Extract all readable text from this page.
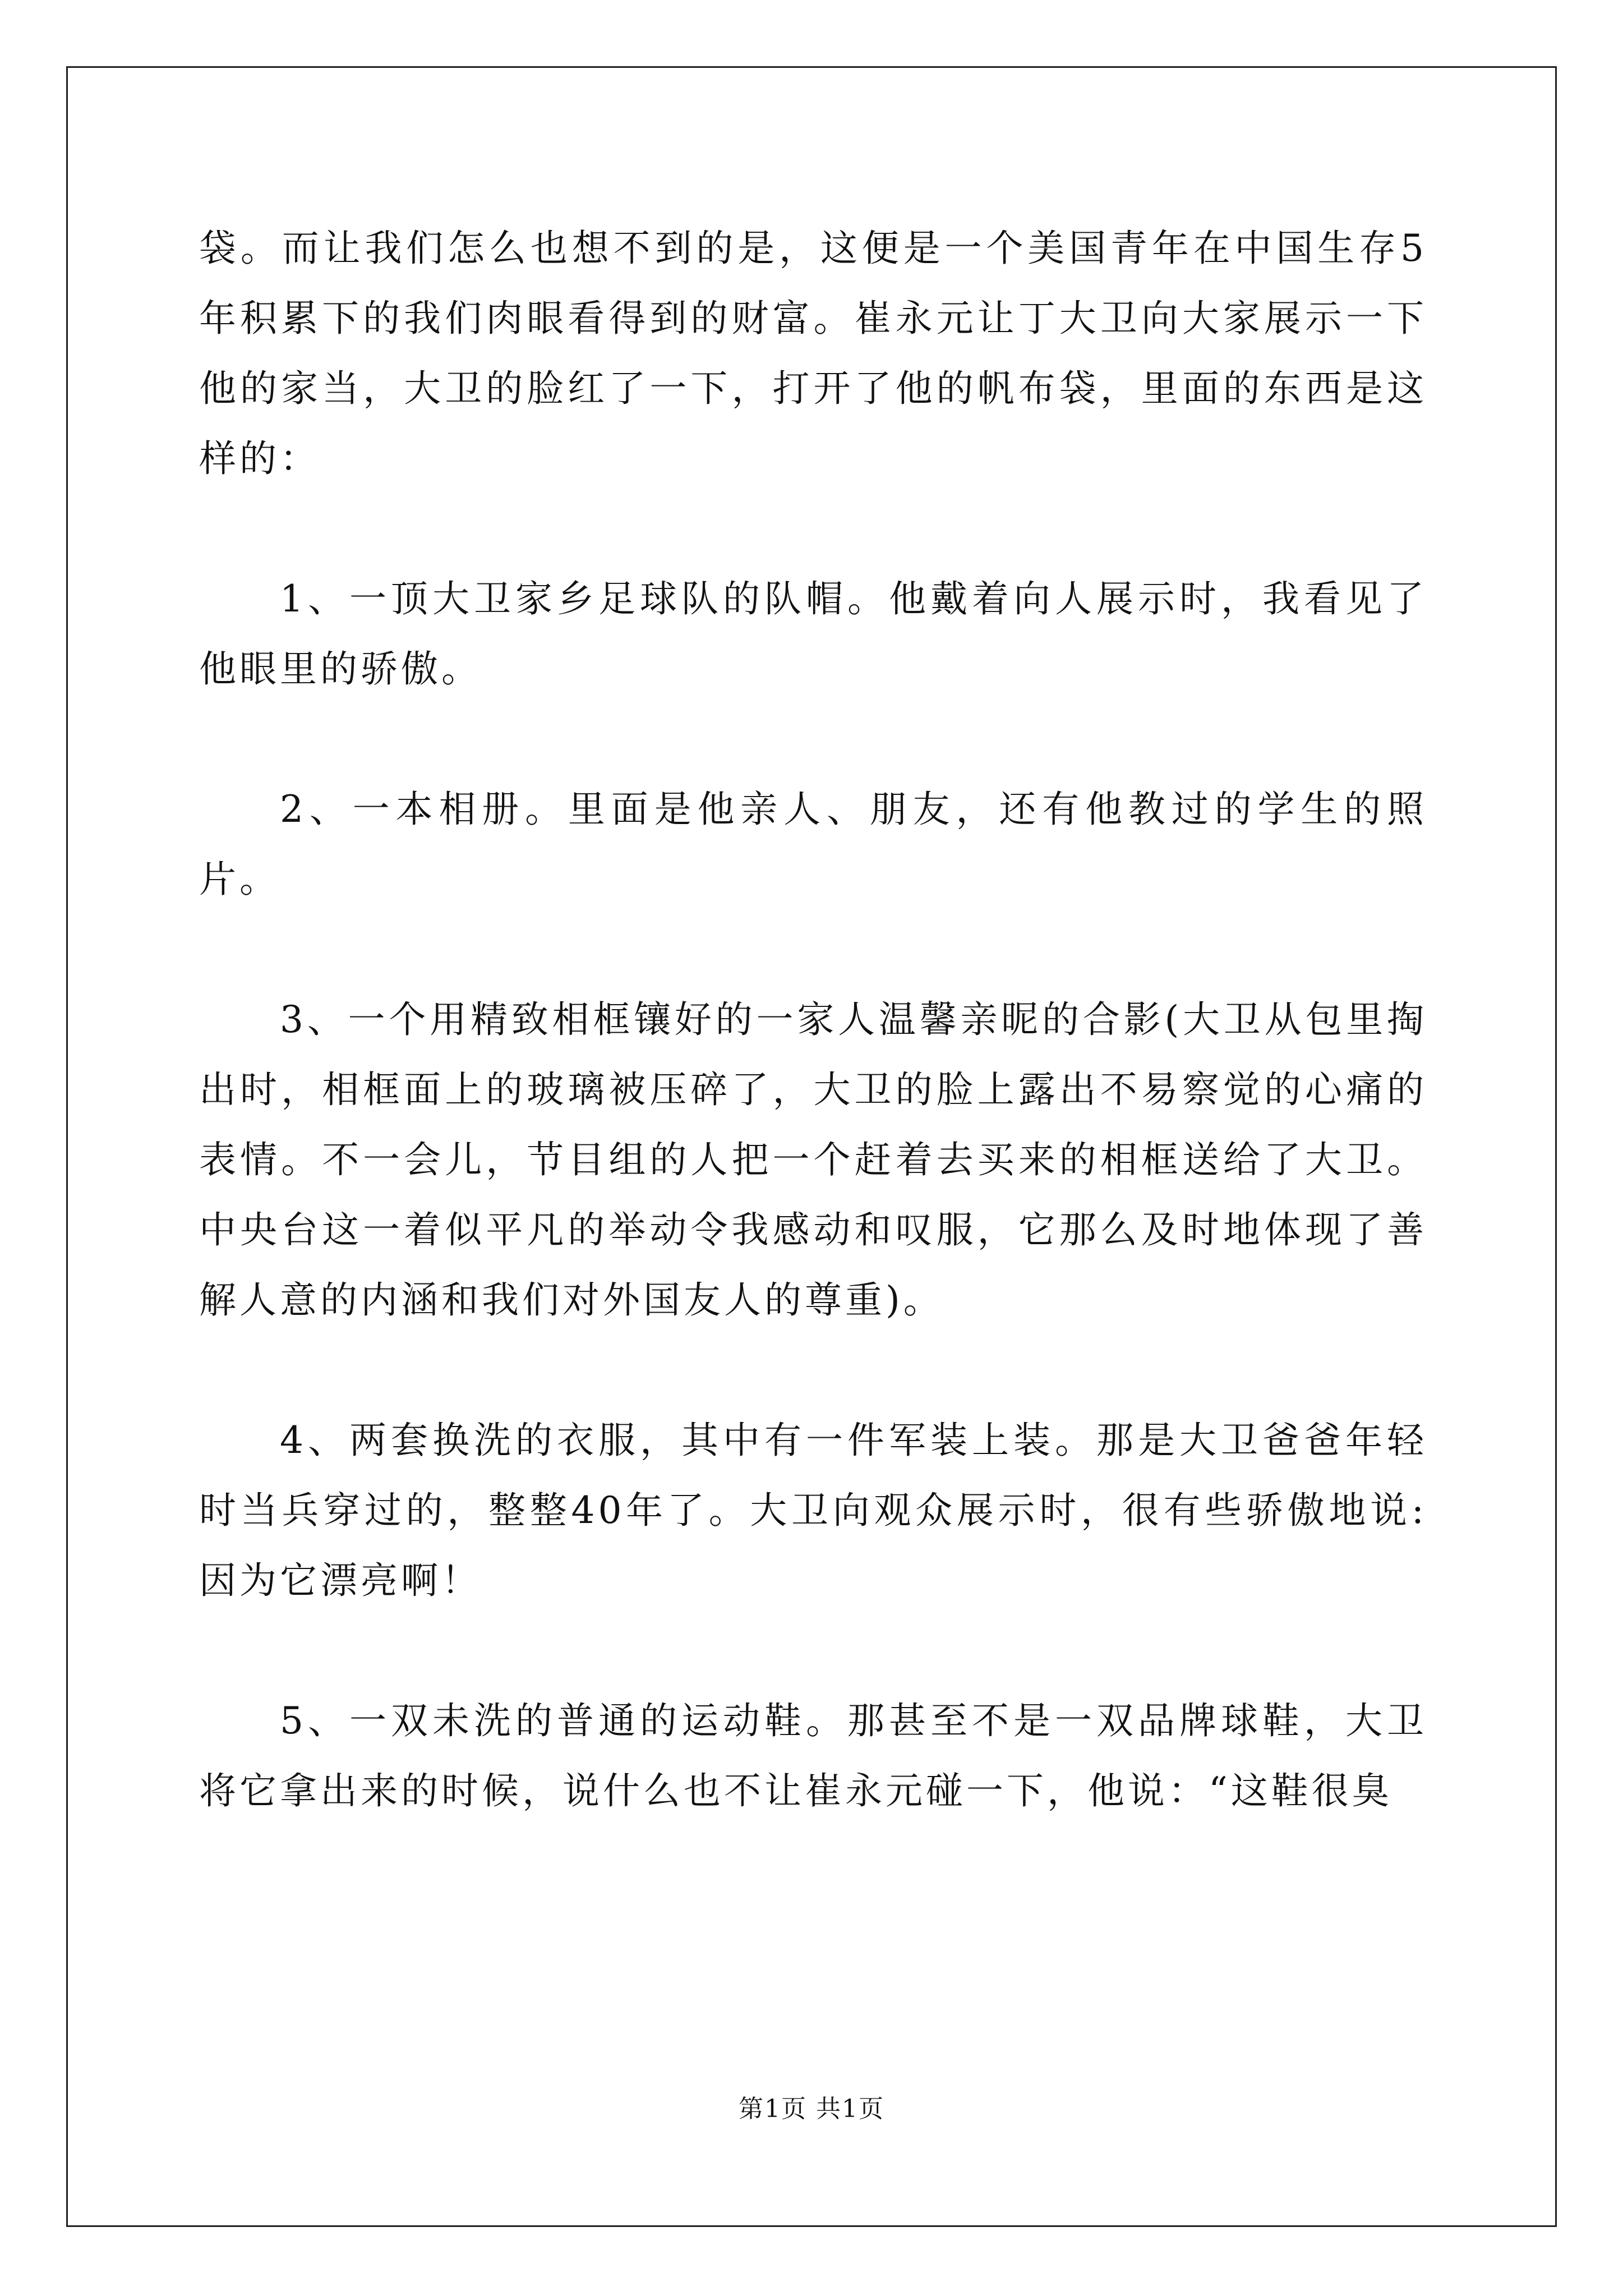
袋。而让我们怎么也想不到的是，这便是一个美国青年在中国生存5年积累下的我们肉眼看得到的财富。崔永元让丁大卫向大家展示一下他的家当，大卫的脸红了一下，打开了他的帆布袋，里面的东西是这样的：

1、一顶大卫家乡足球队的队帽。他戴着向人展示时，我看见了他眼里的骄傲。

2、一本相册。里面是他亲人、朋友，还有他教过的学生的照片。

3、一个用精致相框镶好的一家人温馨亲昵的合影(大卫从包里掏出时，相框面上的玻璃被压碎了，大卫的脸上露出不易察觉的心痛的表情。不一会儿，节目组的人把一个赶着去买来的相框送给了大卫。中央台这一着似平凡的举动令我感动和叹服，它那么及时地体现了善解人意的内涵和我们对外国友人的尊重)。

4、两套换洗的衣服，其中有一件军装上装。那是大卫爸爸年轻时当兵穿过的，整整40年了。大卫向观众展示时，很有些骄傲地说:因为它漂亮啊！

5、一双未洗的普通的运动鞋。那甚至不是一双品牌球鞋，大卫将它拿出来的时候，说什么也不让崔永元碰一下，他说：“这鞋很臭

第1页 共1页
